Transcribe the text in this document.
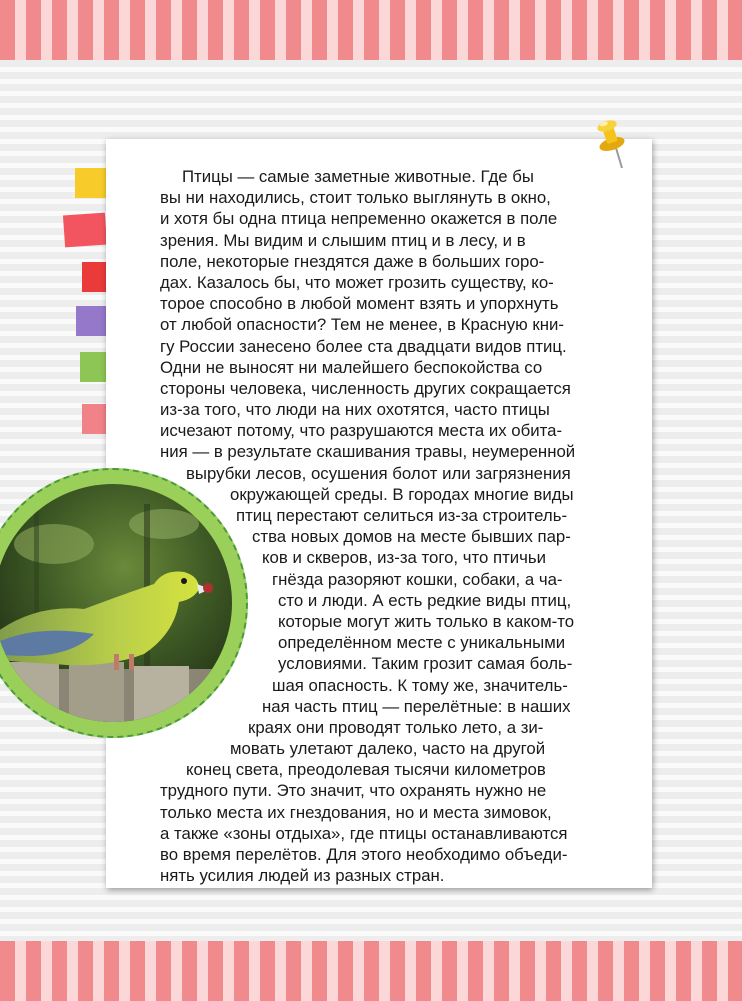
Птицы — самые заметные животные. Где бы
вы ни находились, стоит только выглянуть в окно,
и хотя бы одна птица непременно окажется в поле
зрения. Мы видим и слышим птиц и в лесу, и в
поле, некоторые гнездятся даже в больших горо-
дах. Казалось бы, что может грозить существу, ко-
торое способно в любой момент взять и упорхнуть
от любой опасности? Тем не менее, в Красную кни-
гу России занесено более ста двадцати видов птиц.
Одни не выносят ни малейшего беспокойства со
стороны человека, численность других сокращается
из-за того, что люди на них охотятся, часто птицы
исчезают потому, что разрушаются места их обита-
ния — в результате скашивания травы, неумеренной
вырубки лесов, осушения болот или загрязнения
окружающей среды. В городах многие виды
птиц перестают селиться из-за строитель-
ства новых домов на месте бывших пар-
ков и скверов, из-за того, что птичьи
гнёзда разоряют кошки, собаки, а ча-
сто и люди. А есть редкие виды птиц,
которые могут жить только в каком-то
определённом месте с уникальными
условиями. Таким грозит самая боль-
шая опасность. К тому же, значитель-
ная часть птиц — перелётные: в наших
краях они проводят только лето, а зи-
мовать улетают далеко, часто на другой
конец света, преодолевая тысячи километров
трудного пути. Это значит, что охранять нужно не
только места их гнездования, но и места зимовок,
а также «зоны отдыха», где птицы останавливаются
во время перелётов. Для этого необходимо объеди-
нять усилия людей из разных стран.
